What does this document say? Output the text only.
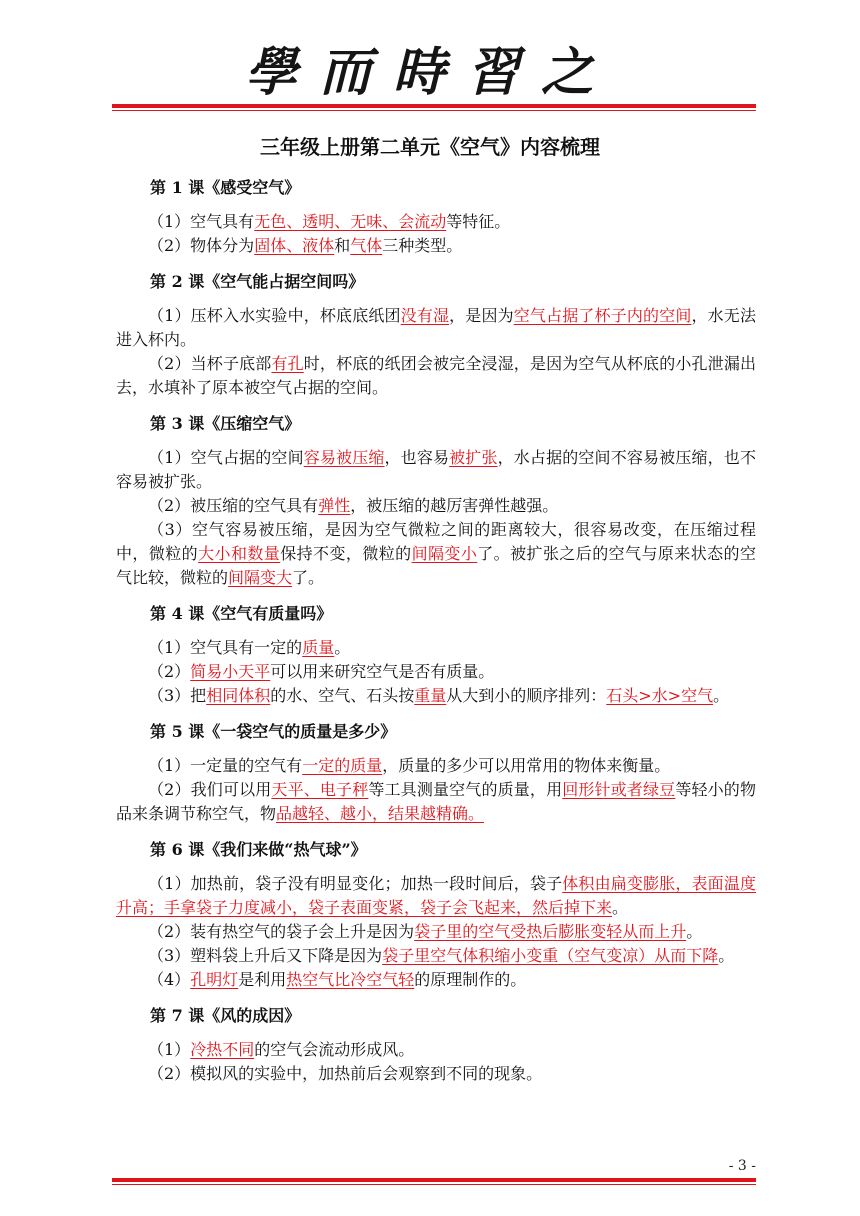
學而時習之
三年级上册第二单元《空气》内容梳理
第 1 课《感受空气》

（1）空气具有无色、透明、无味、会流动等特征。

（2）物体分为固体、液体和气体三种类型。

第 2 课《空气能占据空间吗》

（1）压杯入水实验中，杯底底纸团没有湿，是因为空气占据了杯子内的空间，水无法进入杯内。

（2）当杯子底部有孔时，杯底的纸团会被完全浸湿，是因为空气从杯底的小孔泄漏出去，水填补了原本被空气占据的空间。

第 3 课《压缩空气》

（1）空气占据的空间容易被压缩，也容易被扩张，水占据的空间不容易被压缩，也不容易被扩张。

（2）被压缩的空气具有弹性，被压缩的越厉害弹性越强。

（3）空气容易被压缩，是因为空气微粒之间的距离较大，很容易改变，在压缩过程中，微粒的大小和数量保持不变，微粒的间隔变小了。被扩张之后的空气与原来状态的空气比较，微粒的间隔变大了。

第 4 课《空气有质量吗》

（1）空气具有一定的质量。

（2）简易小天平可以用来研究空气是否有质量。

（3）把相同体积的水、空气、石头按重量从大到小的顺序排列：石头>水>空气。

第 5 课《一袋空气的质量是多少》

（1）一定量的空气有一定的质量，质量的多少可以用常用的物体来衡量。

（2）我们可以用天平、电子秤等工具测量空气的质量，用回形针或者绿豆等轻小的物品来条调节称空气，物品越轻、越小，结果越精确。

第 6 课《我们来做“热气球”》

（1）加热前，袋子没有明显变化；加热一段时间后，袋子体积由扁变膨胀，表面温度升高；手拿袋子力度减小，袋子表面变紧，袋子会飞起来，然后掉下来。

（2）装有热空气的袋子会上升是因为袋子里的空气受热后膨胀变轻从而上升。

（3）塑料袋上升后又下降是因为袋子里空气体积缩小变重（空气变凉）从而下降。

（4）孔明灯是利用热空气比冷空气轻的原理制作的。

第 7 课《风的成因》

（1）冷热不同的空气会流动形成风。

（2）模拟风的实验中，加热前后会观察到不同的现象。

- 3 -
